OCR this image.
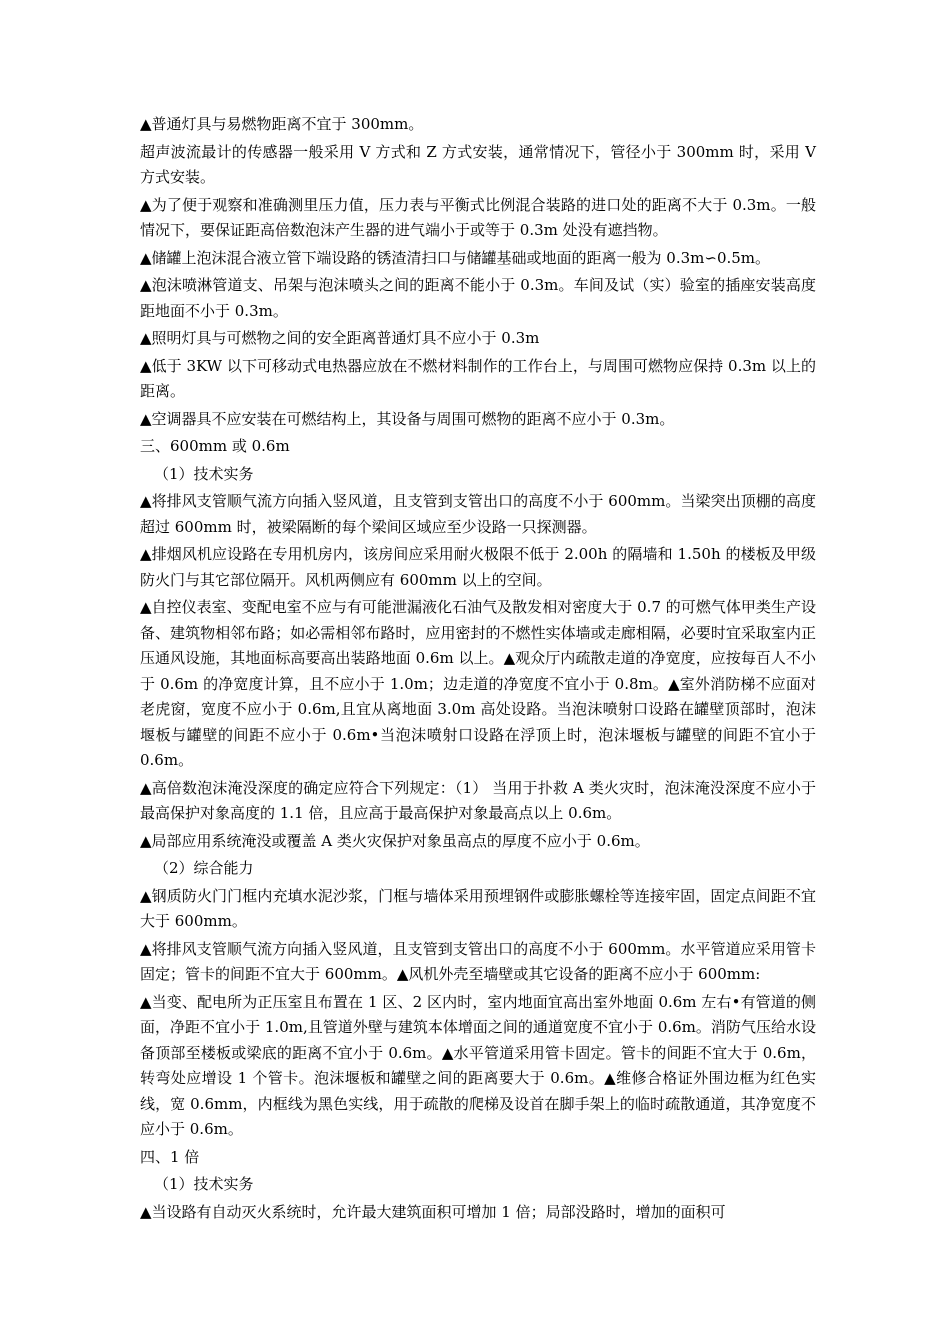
▲普通灯具与易燃物距离不宜于 300mm。

超声波流最计的传感器一般采用 V 方式和 Z 方式安装，通常情况下，管径小于 300mm 时，采用 V 方式安装。

▲为了便于观察和准确测里压力值，压力表与平衡式比例混合装路的进口处的距离不大于 0.3m。一般情况下，要保证距高倍数泡沫产生器的进气端小于或等于 0.3m 处没有遮挡物。

▲储罐上泡沫混合液立管下端设路的锈渣清扫口与储罐基础或地面的距离一般为 0.3m∽0.5m。

▲泡沫喷淋管道支、吊架与泡沫喷头之间的距离不能小于 0.3m。车间及试（实）验室的插座安装高度距地面不小于 0.3m。

▲照明灯具与可燃物之间的安全距离普通灯具不应小于 0.3m

▲低于 3KW 以下可移动式电热器应放在不燃材料制作的工作台上，与周围可燃物应保持 0.3m 以上的距离。

▲空调器具不应安装在可燃结构上，其设备与周围可燃物的距离不应小于 0.3m。

三、600mm 或 0.6m

（1）技术实务

▲将排风支管顺气流方向插入竖风道，且支管到支管出口的高度不小于 600mm。当梁突出顶棚的高度超过 600mm 时，被梁隔断的每个梁间区域应至少设路一只探测器。

▲排烟风机应设路在专用机房内，该房间应采用耐火极限不低于 2.00h 的隔墙和 1.50h 的楼板及甲级防火门与其它部位隔开。风机两侧应有 600mm 以上的空间。

▲自控仪表室、变配电室不应与有可能泄漏液化石油气及散发相对密度大于 0.7 的可燃气体甲类生产设备、建筑物相邻布路；如必需相邻布路时，应用密封的不燃性实体墙或走廊相隔，必要时宜采取室内正压通风设施，其地面标高要高出装路地面 0.6m 以上。▲观众厅内疏散走道的净宽度，应按每百人不小于 0.6m 的净宽度计算，且不应小于 1.0m；边走道的净宽度不宜小于 0.8m。▲室外消防梯不应面对老虎窗，宽度不应小于 0.6m,且宜从离地面 3.0m 高处设路。当泡沫喷射口设路在罐壁顶部时，泡沫堰板与罐壁的间距不应小于 0.6m•当泡沫喷射口设路在浮顶上时，泡沫堰板与罐壁的间距不宜小于 0.6m。

▲高倍数泡沫淹没深度的确定应符合下列规定：（1） 当用于扑救 A 类火灾时，泡沫淹没深度不应小于最高保护对象高度的 1.1 倍，且应高于最高保护对象最高点以上 0.6m。

▲局部应用系统淹没或覆盖 A 类火灾保护对象虽高点的厚度不应小于 0.6m。

（2）综合能力

▲钢质防火门门框内充填水泥沙浆，门框与墙体采用预埋钢件或膨胀螺栓等连接牢固，固定点间距不宜大于 600mm。

▲将排风支管顺气流方向插入竖风道，且支管到支管出口的高度不小于 600mm。水平管道应采用管卡固定；管卡的间距不宜大于 600mm。▲风机外壳至墙壁或其它设备的距离不应小于 600mm:

▲当变、配电所为正压室且布置在 1 区、2 区内时，室内地面宜高出室外地面 0.6m 左右•有管道的侧面，净距不宜小于 1.0m,且管道外壁与建筑本体增面之间的通道宽度不宜小于 0.6m。消防气压给水设备顶部至楼板或梁底的距离不宜小于 0.6m。▲水平管道采用管卡固定。管卡的间距不宜大于 0.6m，转弯处应增设 1 个管卡。泡沫堰板和罐壁之间的距离要大于 0.6m。▲维修合格证外围边框为红色实线，宽 0.6mm，内框线为黑色实线，用于疏散的爬梯及设首在脚手架上的临时疏散通道，其净宽度不应小于 0.6m。

四、1 倍

（1）技术实务

▲当设路有自动灭火系统时，允许最大建筑面积可增加 1 倍；局部没路时，增加的面积可
